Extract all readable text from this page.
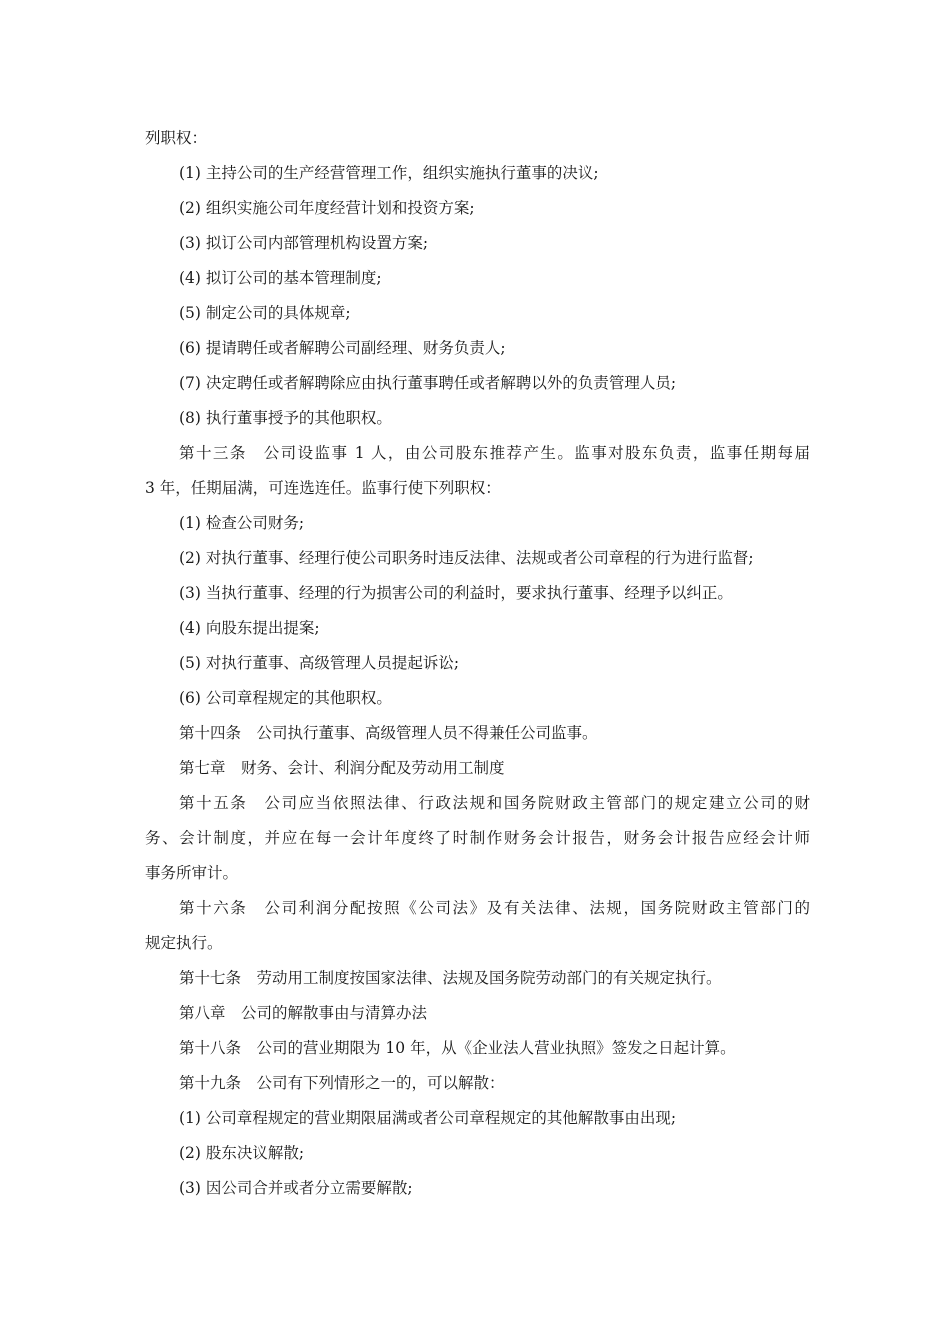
列职权：

(1) 主持公司的生产经营管理工作，组织实施执行董事的决议;

(2) 组织实施公司年度经营计划和投资方案;

(3) 拟订公司内部管理机构设置方案;

(4) 拟订公司的基本管理制度;

(5) 制定公司的具体规章;

(6) 提请聘任或者解聘公司副经理、财务负责人;

(7) 决定聘任或者解聘除应由执行董事聘任或者解聘以外的负责管理人员;

(8) 执行董事授予的其他职权。

第十三条　公司设监事 1 人，由公司股东推荐产生。监事对股东负责，监事任期每届

3 年，任期届满，可连选连任。监事行使下列职权：

(1) 检查公司财务;

(2) 对执行董事、经理行使公司职务时违反法律、法规或者公司章程的行为进行监督;

(3) 当执行董事、经理的行为损害公司的利益时，要求执行董事、经理予以纠正。

(4) 向股东提出提案;

(5) 对执行董事、高级管理人员提起诉讼;

(6) 公司章程规定的其他职权。

第十四条　公司执行董事、高级管理人员不得兼任公司监事。

第七章　财务、会计、利润分配及劳动用工制度

第十五条　公司应当依照法律、行政法规和国务院财政主管部门的规定建立公司的财

务、会计制度，并应在每一会计年度终了时制作财务会计报告，财务会计报告应经会计师

事务所审计。

第十六条　公司利润分配按照《公司法》及有关法律、法规，国务院财政主管部门的

规定执行。

第十七条　劳动用工制度按国家法律、法规及国务院劳动部门的有关规定执行。

第八章　公司的解散事由与清算办法

第十八条　公司的营业期限为 10 年，从《企业法人营业执照》签发之日起计算。

第十九条　公司有下列情形之一的，可以解散：

(1) 公司章程规定的营业期限届满或者公司章程规定的其他解散事由出现;

(2) 股东决议解散;

(3) 因公司合并或者分立需要解散;
